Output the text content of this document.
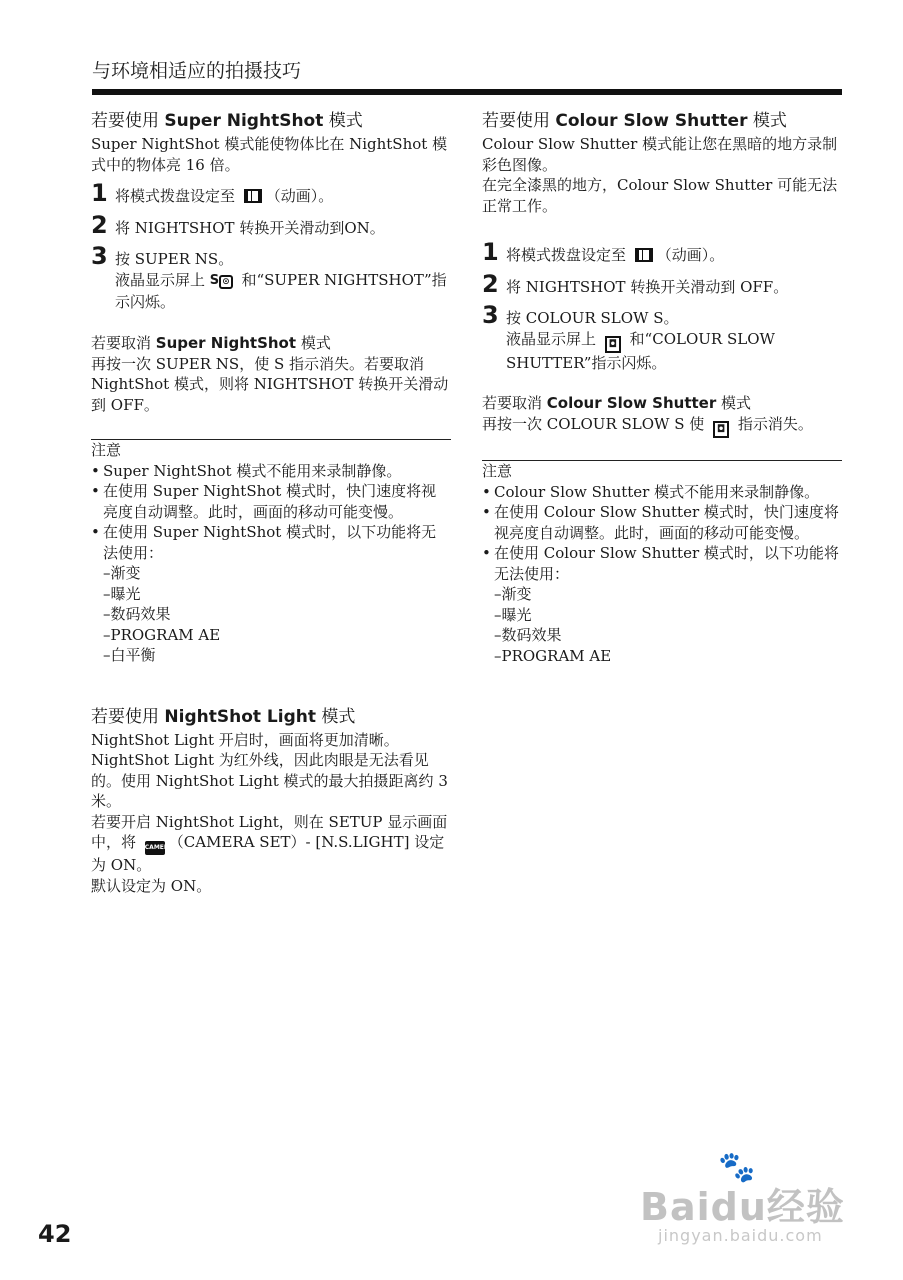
与环境相适应的拍摄技巧
若要使用 Super NightShot 模式

Super NightShot 模式能使物体比在 NightShot 模式中的物体亮 16 倍。

1 将模式拨盘设定至 （动画）。
2 将 NIGHTSHOT 转换开关滑动到ON。
3 按 SUPER NS。
液晶显示屏上 S ⊙ 和“SUPER NIGHTSHOT”指示闪烁。
若要取消 Super NightShot 模式

再按一次 SUPER NS，使 S 指示消失。若要取消 NightShot 模式，则将 NIGHTSHOT 转换开关滑动到 OFF。

注意

• Super NightShot 模式不能用来录制静像。
• 在使用 Super NightShot 模式时，快门速度将视亮度自动调整。此时，画面的移动可能变慢。
• 在使用 Super NightShot 模式时，以下功能将无法使用：
–渐变
–曝光
–数码效果
–PROGRAM AE
–白平衡
若要使用 NightShot Light 模式

NightShot Light 开启时，画面将更加清晰。

NightShot Light 为红外线，因此肉眼是无法看见的。使用 NightShot Light 模式的最大拍摄距离约 3 米。

若要开启 NightShot Light，则在 SETUP 显示画面中，将 CAMERA（CAMERA SET）- [N.S.LIGHT] 设定为 ON。

默认设定为 ON。

若要使用 Colour Slow Shutter 模式

Colour Slow Shutter 模式能让您在黑暗的地方录制彩色图像。

在完全漆黑的地方，Colour Slow Shutter 可能无法正常工作。

1 将模式拨盘设定至 （动画）。
2 将 NIGHTSHOT 转换开关滑动到 OFF。
3 按 COLOUR SLOW S。
液晶显示屏上 ◘ 和“COLOUR SLOW SHUTTER”指示闪烁。
若要取消 Colour Slow Shutter 模式

再按一次 COLOUR SLOW S 使 ◘ 指示消失。

注意

• Colour Slow Shutter 模式不能用来录制静像。
• 在使用 Colour Slow Shutter 模式时，快门速度将视亮度自动调整。此时，画面的移动可能变慢。
• 在使用 Colour Slow Shutter 模式时，以下功能将无法使用：
–渐变
–曝光
–数码效果
–PROGRAM AE
42
🐾
Baidu经验
jingyan.baidu.com
